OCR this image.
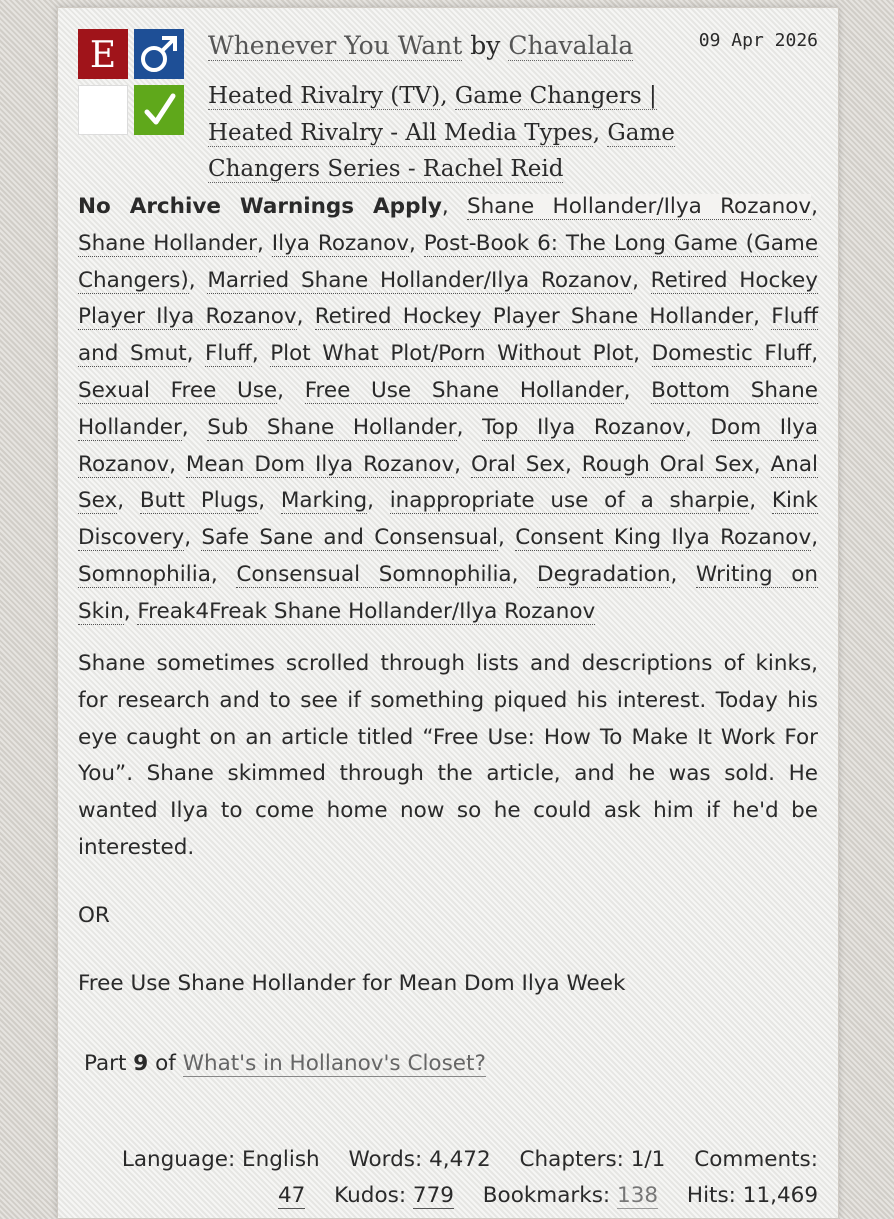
E	Whenever You Want by Chavalala	09 Apr 2026
Heated Rivalry (TV), Game Changers | Heated Rivalry - All Media Types, Game Changers Series - Rachel Reid
No Archive Warnings Apply, Shane Hollander/Ilya Rozanov, Shane Hollander, Ilya Rozanov, Post-Book 6: The Long Game (Game Changers), Married Shane Hollander/Ilya Rozanov, Retired Hockey Player Ilya Rozanov, Retired Hockey Player Shane Hollander, Fluff and Smut, Fluff, Plot What Plot/Porn Without Plot, Domestic Fluff, Sexual Free Use, Free Use Shane Hollander, Bottom Shane Hollander, Sub Shane Hollander, Top Ilya Rozanov, Dom Ilya Rozanov, Mean Dom Ilya Rozanov, Oral Sex, Rough Oral Sex, Anal Sex, Butt Plugs, Marking, inappropriate use of a sharpie, Kink Discovery, Safe Sane and Consensual, Consent King Ilya Rozanov, Somnophilia, Consensual Somnophilia, Degradation, Writing on Skin, Freak4Freak Shane Hollander/Ilya Rozanov

Shane sometimes scrolled through lists and descriptions of kinks, for research and to see if something piqued his interest. Today his eye caught on an article titled “Free Use: How To Make It Work For You”. Shane skimmed through the article, and he was sold. He wanted Ilya to come home now so he could ask him if he'd be interested.

OR

Free Use Shane Hollander for Mean Dom Ilya Week

Part 9 of What's in Hollanov's Closet?
Language: English Words: 4,472 Chapters: 1/1 Comments:
47 Kudos: 779 Bookmarks: 138 Hits: 11,469
